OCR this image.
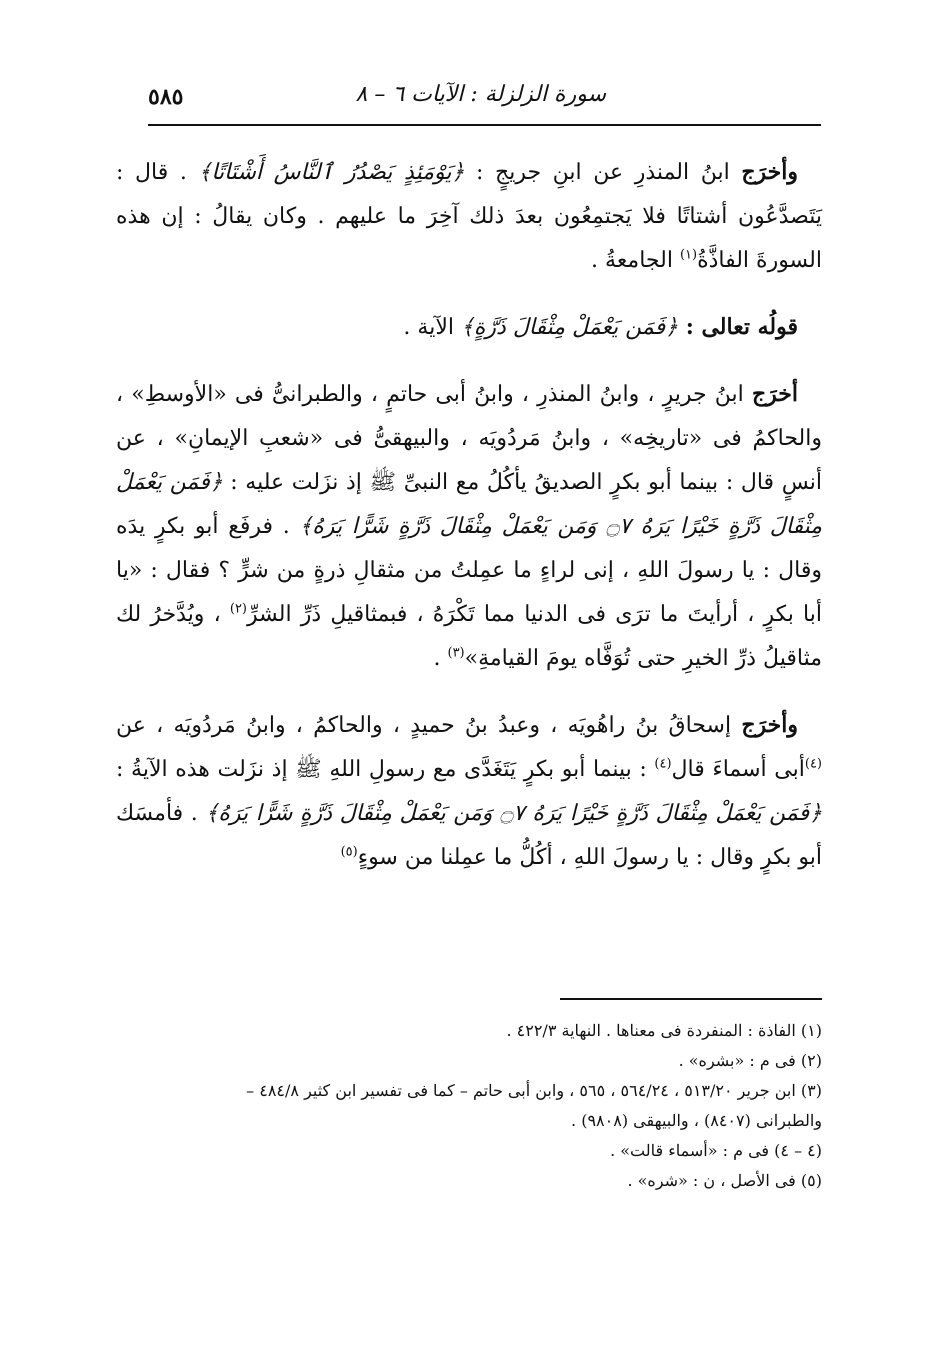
٥٨٥	سورة الزلزلة : الآيات ٦ – ٨

وأخرَج ابنُ المنذرِ عن ابنِ جريجٍ : ﴿يَوْمَئِذٍ يَصْدُرُ ٱلنَّاسُ أَشْتَاتًا﴾ . قال : يَتَصدَّعُون أشتاتًا فلا يَجتمِعُون بعدَ ذلك آخِرَ ما عليهم . وكان يقالُ : إن هذه السورةَ الفاذَّةُ$^{(١)}$ الجامعةُ .

قولُه تعالى : ﴿فَمَن يَعْمَلْ مِثْقَالَ ذَرَّةٍ﴾ الآية .

أخرَج ابنُ جريرٍ ، وابنُ المنذرِ ، وابنُ أبى حاتمٍ ، والطبرانىُّ فى «الأوسطِ» ، والحاكمُ فى «تاريخِه» ، وابنُ مَردُويَه ، والبيهقىُّ فى «شعبِ الإيمانِ» ، عن أنسٍ قال : بينما أبو بكرٍ الصديقُ يأكُلُ مع النبىِّ ﷺ إذ نزَلت عليه : ﴿فَمَن يَعْمَلْ مِثْقَالَ ذَرَّةٍ خَيْرًا يَرَهُ ۝٧ وَمَن يَعْمَلْ مِثْقَالَ ذَرَّةٍ شَرًّا يَرَهُ﴾ . فرفَع أبو بكرٍ يدَه وقال : يا رسولَ اللهِ ، إنى لراءٍ ما عمِلتُ من مثقالِ ذرةٍ من شرٍّ ؟ فقال : «يا أبا بكرٍ ، أرأيتَ ما ترَى فى الدنيا مما تَكْرَهُ ، فبمثاقيلِ ذَرِّ الشرِّ$^{(٢)}$ ، ويُدَّخرُ لك مثاقيلُ ذرِّ الخيرِ حتى تُوَفَّاه يومَ القيامةِ»$^{(٣)}$ .

وأخرَج إسحاقُ بنُ راهُويَه ، وعبدُ بنُ حميدٍ ، والحاكمُ ، وابنُ مَردُويَه ، عن $^{(٤)}$أبى أسماءَ قال$^{(٤)}$ : بينما أبو بكرٍ يَتَغَدَّى مع رسولِ اللهِ ﷺ إذ نزَلت هذه الآيةُ : ﴿فَمَن يَعْمَلْ مِثْقَالَ ذَرَّةٍ خَيْرًا يَرَهُ ۝٧ وَمَن يَعْمَلْ مِثْقَالَ ذَرَّةٍ شَرًّا يَرَهُ﴾ . فأمسَك أبو بكرٍ وقال : يا رسولَ اللهِ ، أكُلُّ ما عمِلنا من سوءٍ$^{(٥)}$

(١) الفاذة : المنفردة فى معناها . النهاية ٤٢٢/٣ .

(٢) فى م : «بشره» .

(٣) ابن جرير ٥١٣/٢٠ ، ٥٦٤/٢٤ ، ٥٦٥ ، وابن أبى حاتم – كما فى تفسير ابن كثير ٤٨٤/٨ –

والطبرانى (٨٤٠٧) ، والبيهقى (٩٨٠٨) .

(٤ – ٤) فى م : «أسماء قالت» .

(٥) فى الأصل ، ن : «شره» .
